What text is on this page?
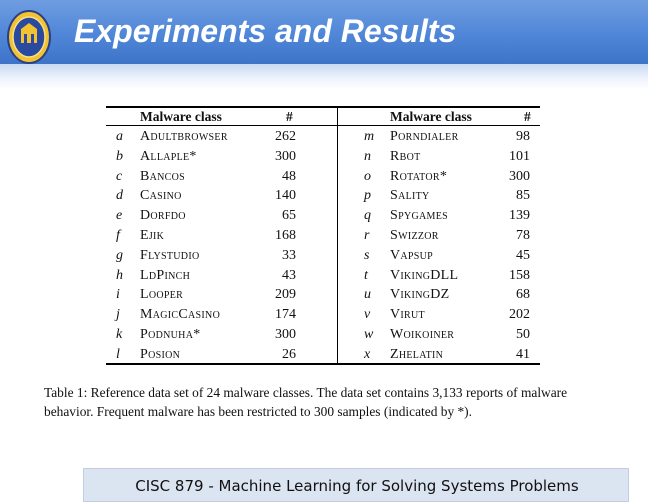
Experiments and Results
Malware class	#	Malware class	#
a Adultbrowser	262	m Porndialer	98
b Allaple*	300	n Rbot	101
c Bancos	48	o Rotator*	300
d Casino	140	p Sality	85
e Dorfdo	65	q Spygames	139
f Ejik	168	r Swizzor	78
g Flystudio	33	s Vapsup	45
h LdPinch	43	t VikingDLL	158
i Looper	209	u VikingDZ	68
j MagicCasino	174	v Virut	202
k Podnuha*	300	w Woikoiner	50
l Posion	26	x Zhelatin	41
Table 1: Reference data set of 24 malware classes. The data set contains 3,133 reports of malware behavior. Frequent malware has been restricted to 300 samples (indicated by *).
CISC 879 - Machine Learning for Solving Systems Problems
